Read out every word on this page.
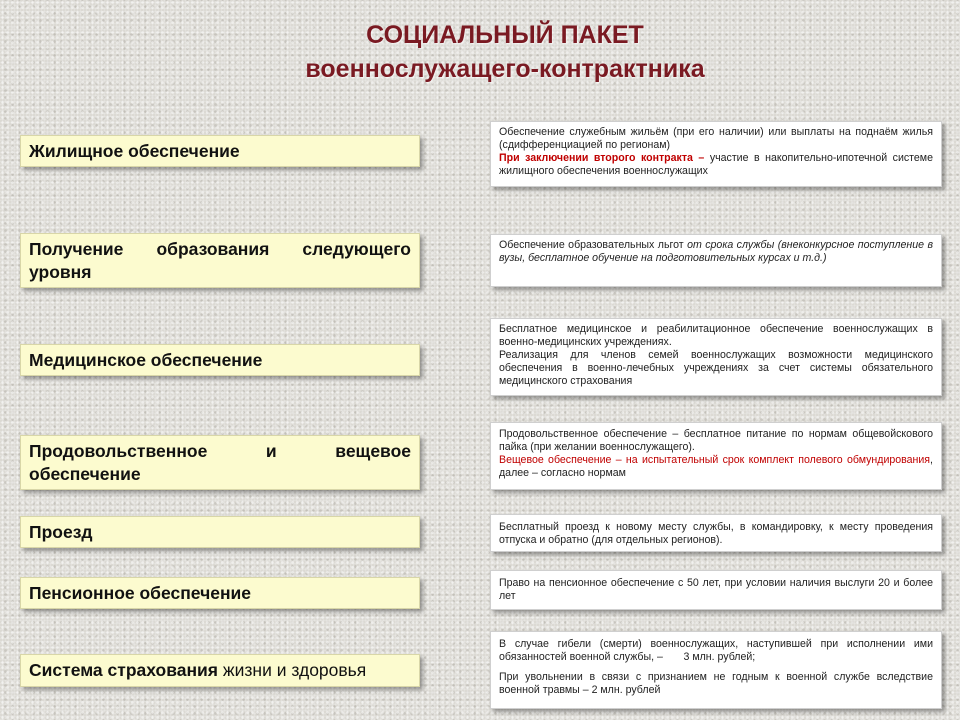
СОЦИАЛЬНЫЙ ПАКЕТ
военнослужащего-контрактника
Жилищное обеспечение

Обеспечение служебным жильём (при его наличии) или выплаты на поднаём жилья (сдифференциацией по регионам)

При заключении второго контракта – участие в накопительно-ипотечной системе жилищного обеспечения военнослужащих

Получение образования следующего уровня

Обеспечение образовательных льгот от срока службы (внеконкурсное поступление в вузы, бесплатное обучение на подготовительных курсах и т.д.)

Медицинское обеспечение

Бесплатное медицинское и реабилитационное обеспечение военнослужащих в военно-медицинских учреждениях.

Реализация для членов семей военнослужащих возможности медицинского обеспечения в военно-лечебных учреждениях за счет системы обязательного медицинского страхования

Продовольственное и вещевое обеспечение

Продовольственное обеспечение – бесплатное питание по нормам общевойскового пайка (при желании военнослужащего).

Вещевое обеспечение – на испытательный срок комплект полевого обмундирования, далее – согласно нормам

Проезд	Бесплатный проезд к новому месту службы, в командировку, к месту проведения отпуска и обратно (для отдельных регионов).

Пенсионное обеспечение	Право на пенсионное обеспечение с 50 лет, при условии наличия выслуги 20 и более лет

Система страхования жизни и здоровья

В случае гибели (смерти) военнослужащих, наступившей при исполнении ими обязанностей военной службы, –       3 млн. рублей;

При увольнении в связи с признанием не годным к военной службе вследствие военной травмы – 2 млн. рублей
